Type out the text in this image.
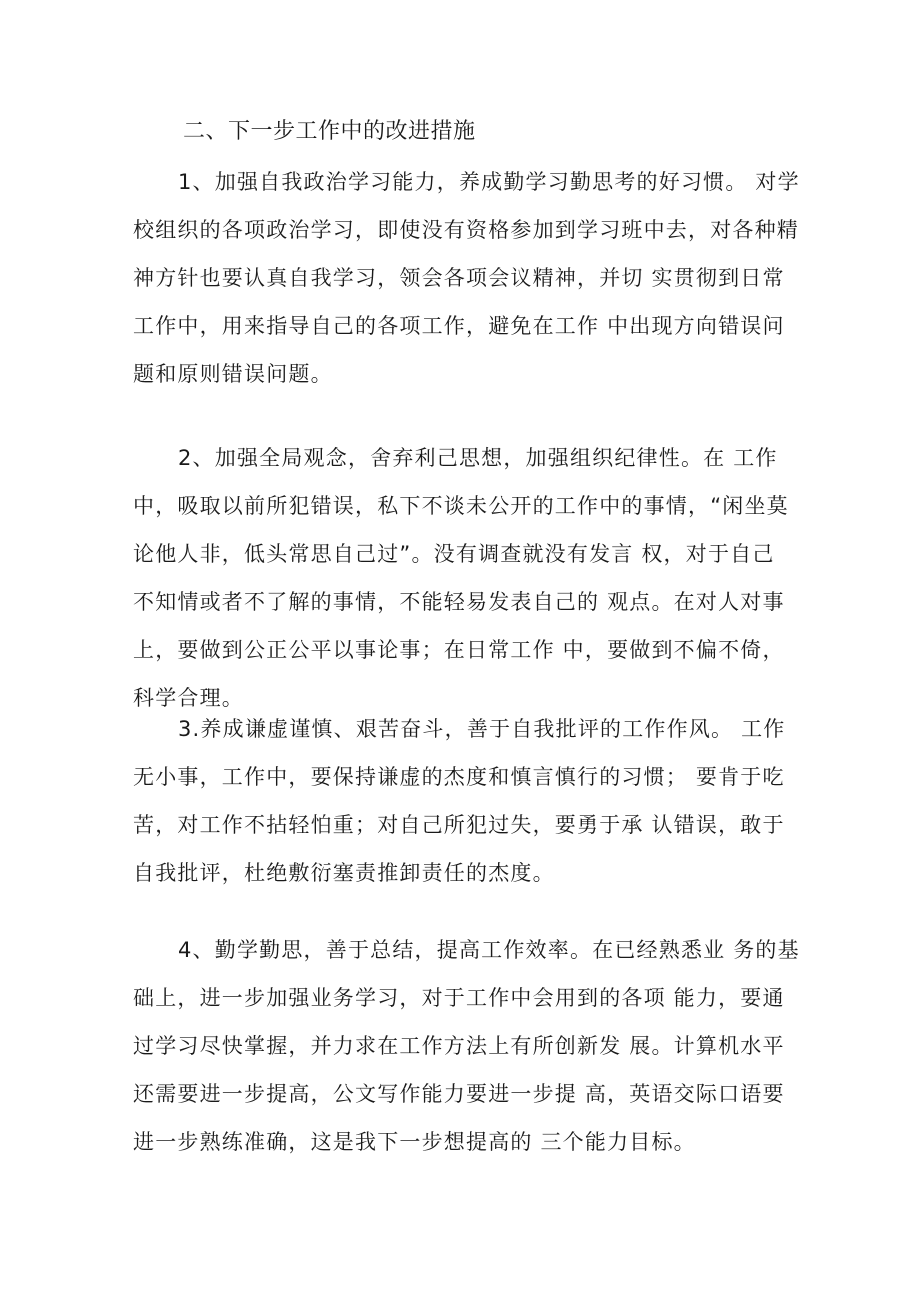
二、下一步工作中的改进措施

1、加强自我政治学习能力，养成勤学习勤思考的好习惯。 对学
校组织的各项政治学习，即使没有资格参加到学习班中去，对各种精
神方针也要认真自我学习，领会各项会议精神，并切 实贯彻到日常
工作中，用来指导自己的各项工作，避免在工作 中出现方向错误问
题和原则错误问题。

2、加强全局观念，舍弃利己思想，加强组织纪律性。在 工作
中，吸取以前所犯错误，私下不谈未公开的工作中的事情，“闲坐莫
论他人非，低头常思自己过”。没有调查就没有发言 权，对于自己
不知情或者不了解的事情，不能轻易发表自己的 观点。在对人对事
上，要做到公正公平以事论事；在日常工作 中，要做到不偏不倚，
科学合理。

3.养成谦虚谨慎、艰苦奋斗，善于自我批评的工作作风。 工作
无小事，工作中，要保持谦虚的杰度和慎言慎行的习惯； 要肯于吃
苦，对工作不拈轻怕重；对自己所犯过失，要勇于承 认错误，敢于
自我批评，杜绝敷衍塞责推卸责任的杰度。

4、勤学勤思，善于总结，提高工作效率。在已经熟悉业 务的基
础上，进一步加强业务学习，对于工作中会用到的各项 能力，要通
过学习尽快掌握，并力求在工作方法上有所创新发 展。计算机水平
还需要进一步提高，公文写作能力要进一步提 高，英语交际口语要
进一步熟练准确，这是我下一步想提高的 三个能力目标。
